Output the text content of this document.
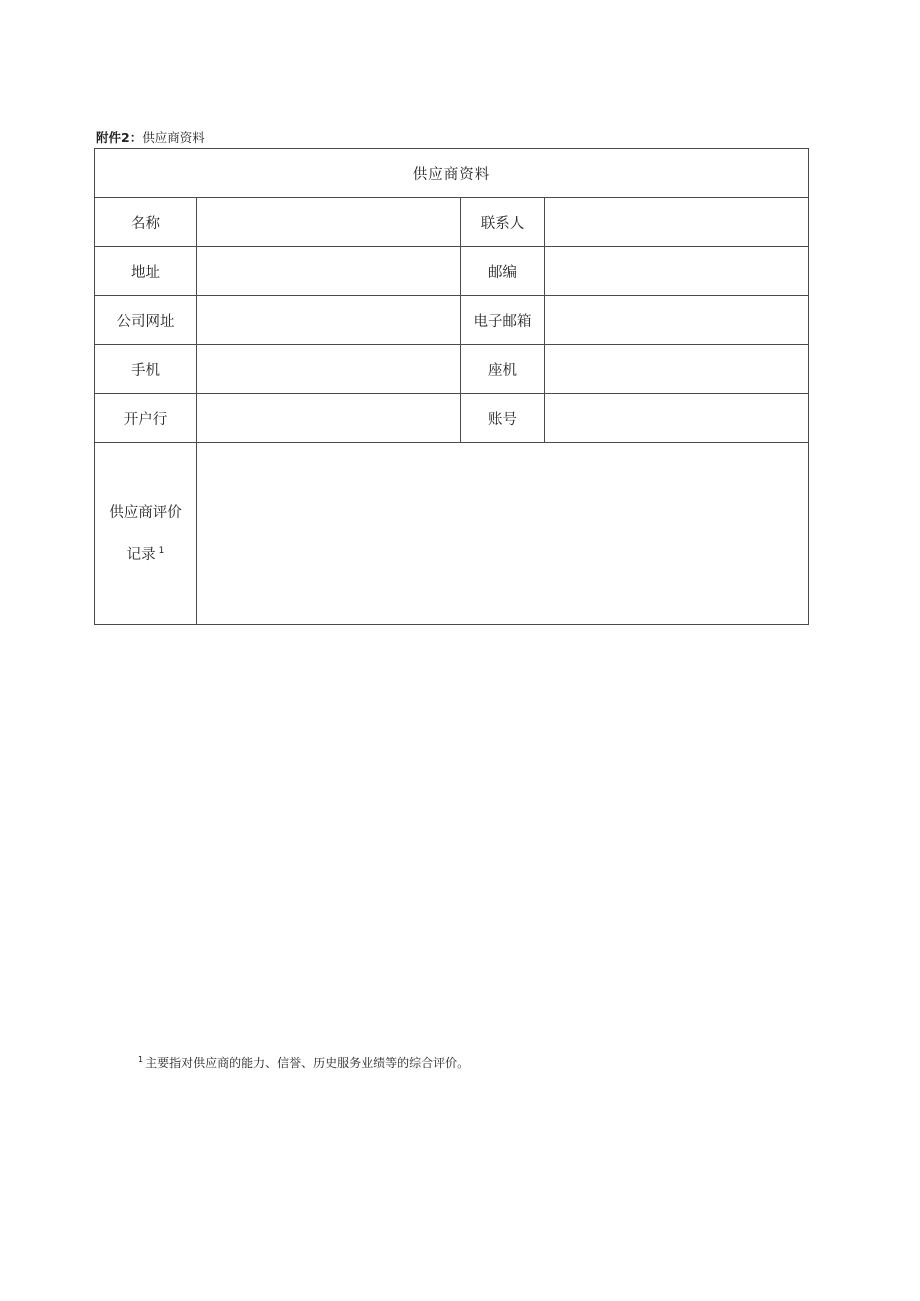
附件2：供应商资料
供应商资料			
名称		联系人	
地址		邮编	
公司网址		电子邮箱	
手机		座机	
开户行		账号	
供应商评价
记录 $^1$	
$^1$ 主要指对供应商的能力、信誉、历史服务业绩等的综合评价。
